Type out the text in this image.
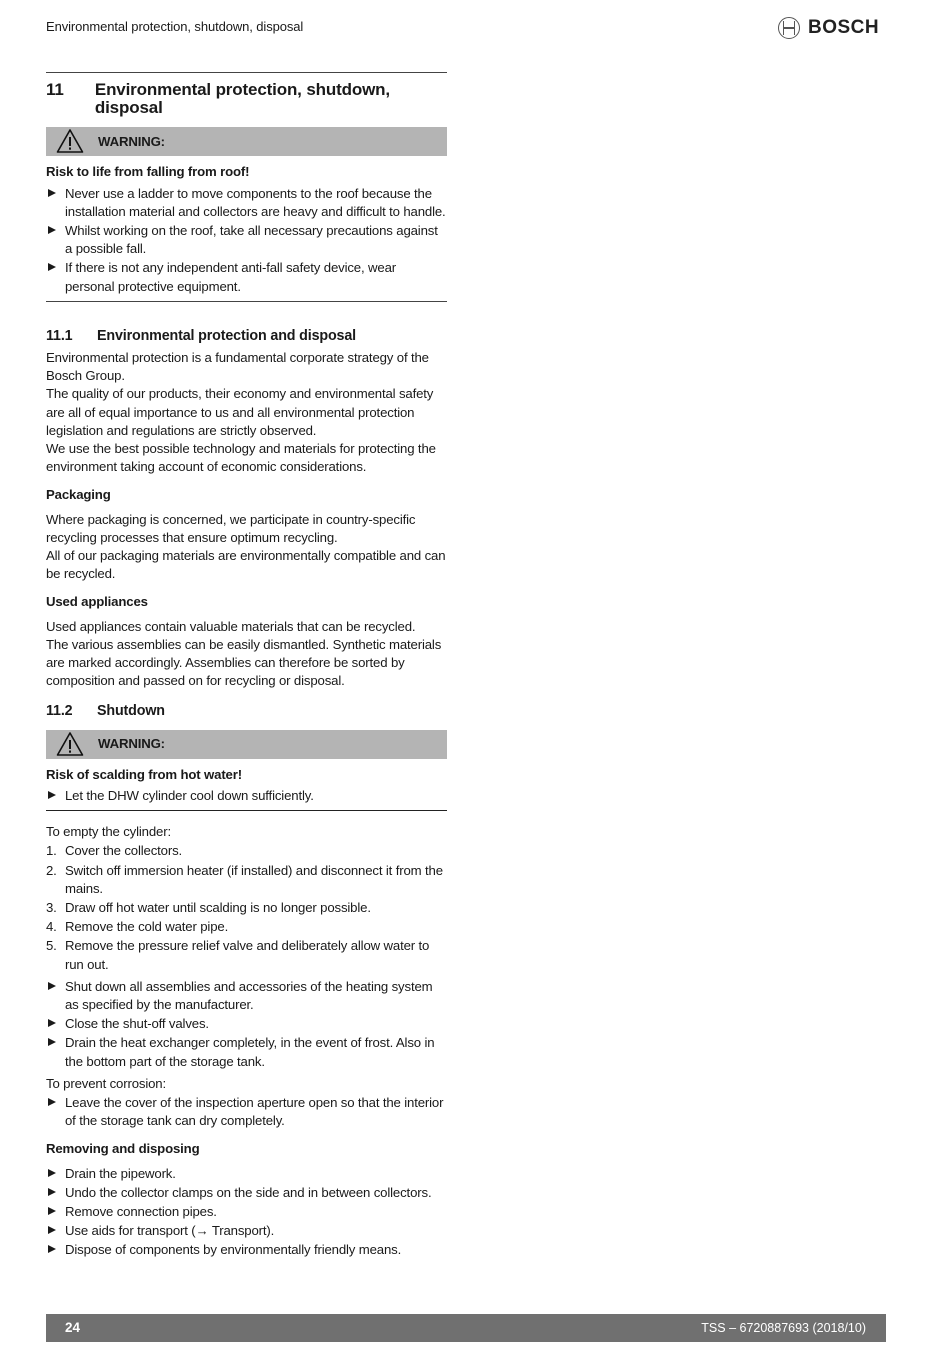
Environmental protection, shutdown, disposal	BOSCH
11	Environmental protection, shutdown, disposal
WARNING:
Risk to life from falling from roof!
Never use a ladder to move components to the roof because the installation material and collectors are heavy and difficult to handle.
Whilst working on the roof, take all necessary precautions against a possible fall.
If there is not any independent anti-fall safety device, wear personal protective equipment.
11.1	Environmental protection and disposal

Environmental protection is a fundamental corporate strategy of the Bosch Group.

The quality of our products, their economy and environmental safety are all of equal importance to us and all environmental protection legislation and regulations are strictly observed.

We use the best possible technology and materials for protecting the environment taking account of economic considerations.

Packaging

Where packaging is concerned, we participate in country-specific recycling processes that ensure optimum recycling.

All of our packaging materials are environmentally compatible and can be recycled.

Used appliances

Used appliances contain valuable materials that can be recycled.

The various assemblies can be easily dismantled. Synthetic materials are marked accordingly. Assemblies can therefore be sorted by composition and passed on for recycling or disposal.

11.2	Shutdown
WARNING:
Risk of scalding from hot water!
Let the DHW cylinder cool down sufficiently.

To empty the cylinder:

1. Cover the collectors.
2. Switch off immersion heater (if installed) and disconnect it from the mains.
3. Draw off hot water until scalding is no longer possible.
4. Remove the cold water pipe.
5. Remove the pressure relief valve and deliberately allow water to run out.
Shut down all assemblies and accessories of the heating system as specified by the manufacturer.
Close the shut-off valves.
Drain the heat exchanger completely, in the event of frost. Also in the bottom part of the storage tank.

To prevent corrosion:

Leave the cover of the inspection aperture open so that the interior of the storage tank can dry completely.
Removing and disposing
Drain the pipework.
Undo the collector clamps on the side and in between collectors.
Remove connection pipes.
Use aids for transport (→ Transport).
Dispose of components by environmentally friendly means.
24	TSS – 6720887693 (2018/10)
